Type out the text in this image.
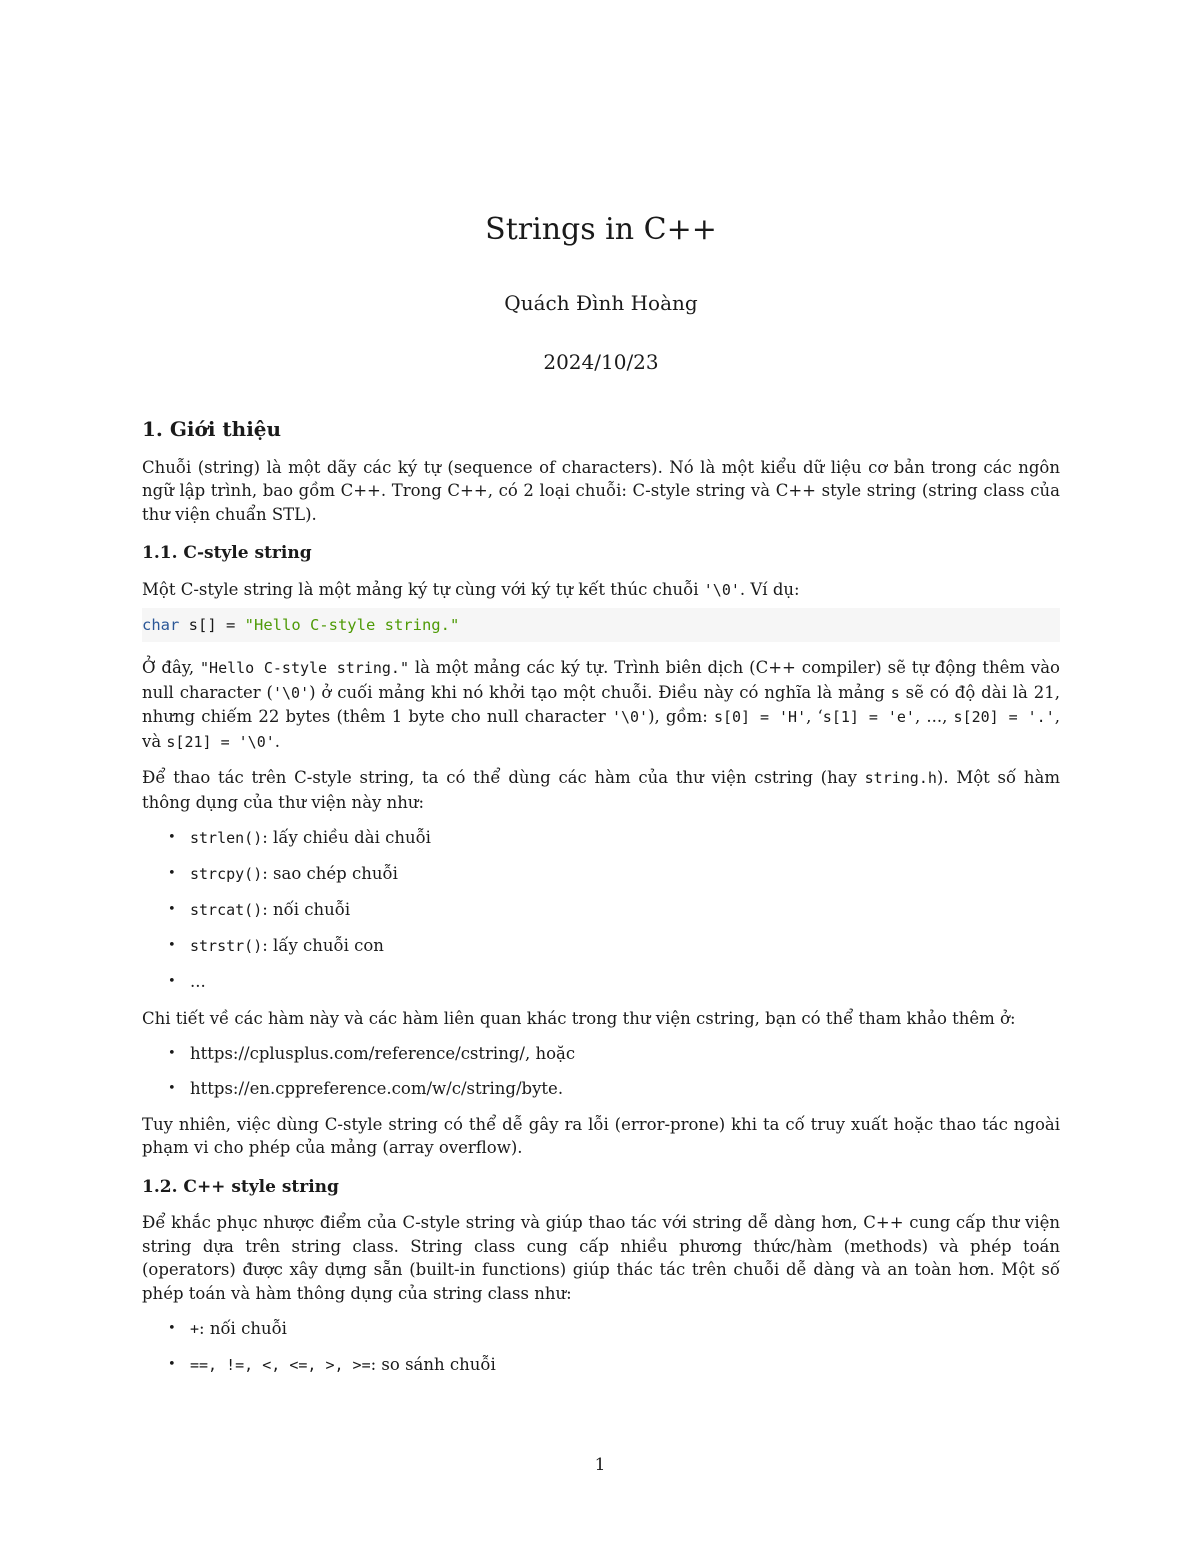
Strings in C++
Quách Đình Hoàng
2024/10/23
1. Giới thiệu

Chuỗi (string) là một dãy các ký tự (sequence of characters). Nó là một kiểu dữ liệu cơ bản trong các ngôn ngữ lập trình, bao gồm C++. Trong C++, có 2 loại chuỗi: C-style string và C++ style string (string class của thư viện chuẩn STL).

1.1. C-style string

Một C-style string là một mảng ký tự cùng với ký tự kết thúc chuỗi '\0'. Ví dụ:

char s[] = "Hello C-style string."

Ở đây, "Hello C-style string." là một mảng các ký tự. Trình biên dịch (C++ compiler) sẽ tự động thêm vào null character ('\0') ở cuối mảng khi nó khởi tạo một chuỗi. Điều này có nghĩa là mảng s sẽ có độ dài là 21, nhưng chiếm 22 bytes (thêm 1 byte cho null character '\0'), gồm: s[0] = 'H', ‘s[1] = 'e', ..., s[20] = '.', và s[21] = '\0'.

Để thao tác trên C-style string, ta có thể dùng các hàm của thư viện cstring (hay string.h). Một số hàm thông dụng của thư viện này như:

• strlen(): lấy chiều dài chuỗi
• strcpy(): sao chép chuỗi
• strcat(): nối chuỗi
• strstr(): lấy chuỗi con
• ...

Chi tiết về các hàm này và các hàm liên quan khác trong thư viện cstring, bạn có thể tham khảo thêm ở:

• https://cplusplus.com/reference/cstring/, hoặc
• https://en.cppreference.com/w/c/string/byte.

Tuy nhiên, việc dùng C-style string có thể dễ gây ra lỗi (error-prone) khi ta cố truy xuất hoặc thao tác ngoài phạm vi cho phép của mảng (array overflow).

1.2. C++ style string

Để khắc phục nhược điểm của C-style string và giúp thao tác với string dễ dàng hơn, C++ cung cấp thư viện string dựa trên string class. String class cung cấp nhiều phương thức/hàm (methods) và phép toán (operators) được xây dựng sẵn (built-in functions) giúp thác tác trên chuỗi dễ dàng và an toàn hơn. Một số phép toán và hàm thông dụng của string class như:

• +: nối chuỗi
• ==, !=, <, <=, >, >=: so sánh chuỗi
1
